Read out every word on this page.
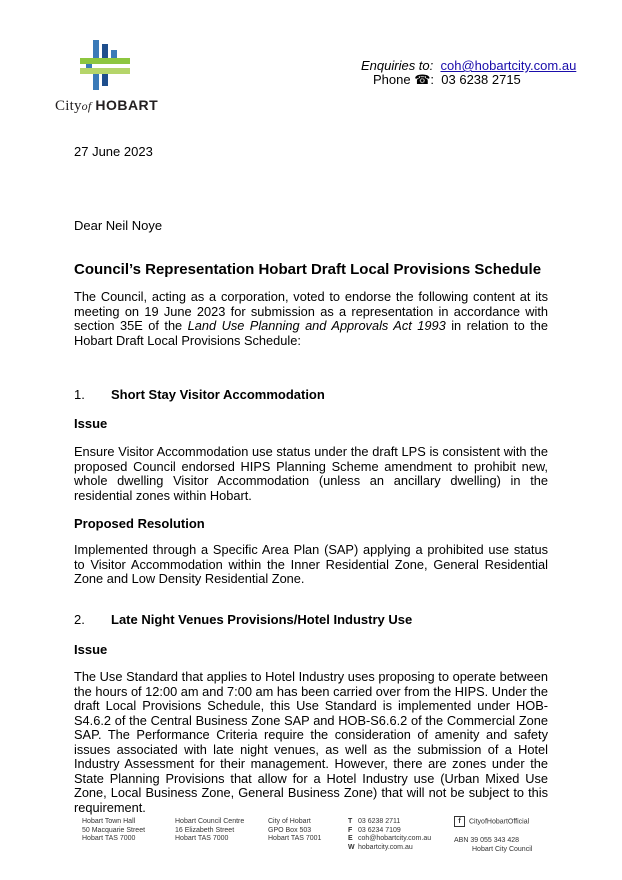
Cityof HOBART
Enquiries to: coh@hobartcity.com.au
Phone ☎:  03 6238 2715
27 June 2023
Dear Neil Noye
Council’s Representation Hobart Draft Local Provisions Schedule
The Council, acting as a corporation, voted to endorse the following content at its meeting on 19 June 2023 for submission as a representation in accordance with section 35E of the Land Use Planning and Approvals Act 1993 in relation to the Hobart Draft Local Provisions Schedule:
1. Short Stay Visitor Accommodation
Issue
Ensure Visitor Accommodation use status under the draft LPS is consistent with the proposed Council endorsed HIPS Planning Scheme amendment to prohibit new, whole dwelling Visitor Accommodation (unless an ancillary dwelling) in the residential zones within Hobart.
Proposed Resolution
Implemented through a Specific Area Plan (SAP) applying a prohibited use status to Visitor Accommodation within the Inner Residential Zone, General Residential Zone and Low Density Residential Zone.
2. Late Night Venues Provisions/Hotel Industry Use
Issue
The Use Standard that applies to Hotel Industry uses proposing to operate between the hours of 12:00 am and 7:00 am has been carried over from the HIPS. Under the draft Local Provisions Schedule, this Use Standard is implemented under HOB-S4.6.2 of the Central Business Zone SAP and HOB-S6.6.2 of the Commercial Zone SAP. The Performance Criteria require the consideration of amenity and safety issues associated with late night venues, as well as the submission of a Hotel Industry Assessment for their management. However, there are zones under the State Planning Provisions that allow for a Hotel Industry use (Urban Mixed Use Zone, Local Business Zone, General Business Zone) that will not be subject to this requirement.
Hobart Town Hall
50 Macquarie Street
Hobart TAS 7000
Hobart Council Centre
16 Elizabeth Street
Hobart TAS 7000
City of Hobart
GPO Box 503
Hobart TAS 7001
T 03 6238 2711
F 03 6234 7109
E coh@hobartcity.com.au
W hobartcity.com.au
f CityofHobartOfficial
ABN 39 055 343 428
Hobart City Council
